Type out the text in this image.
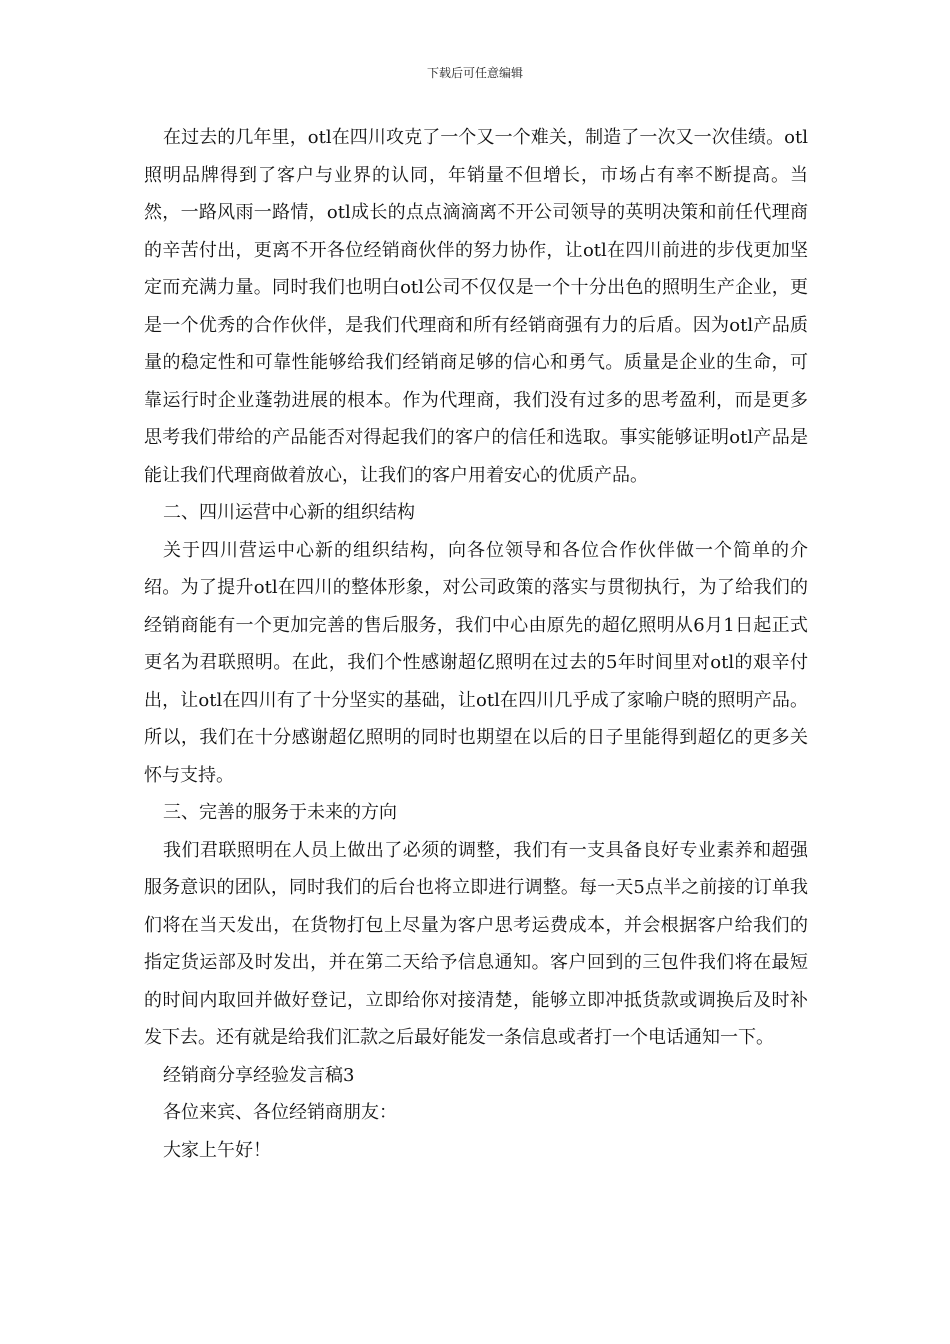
下载后可任意编辑

在过去的几年里，otl在四川攻克了一个又一个难关，制造了一次又一次佳绩。otl照明品牌得到了客户与业界的认同，年销量不但增长，市场占有率不断提高。当然，一路风雨一路情，otl成长的点点滴滴离不开公司领导的英明决策和前任代理商的辛苦付出，更离不开各位经销商伙伴的努力协作，让otl在四川前进的步伐更加坚定而充满力量。同时我们也明白otl公司不仅仅是一个十分出色的照明生产企业，更是一个优秀的合作伙伴，是我们代理商和所有经销商强有力的后盾。因为otl产品质量的稳定性和可靠性能够给我们经销商足够的信心和勇气。质量是企业的生命，可靠运行时企业蓬勃进展的根本。作为代理商，我们没有过多的思考盈利，而是更多思考我们带给的产品能否对得起我们的客户的信任和选取。事实能够证明otl产品是能让我们代理商做着放心，让我们的客户用着安心的优质产品。

二、四川运营中心新的组织结构

关于四川营运中心新的组织结构，向各位领导和各位合作伙伴做一个简单的介绍。为了提升otl在四川的整体形象，对公司政策的落实与贯彻执行，为了给我们的经销商能有一个更加完善的售后服务，我们中心由原先的超亿照明从6月1日起正式更名为君联照明。在此，我们个性感谢超亿照明在过去的5年时间里对otl的艰辛付出，让otl在四川有了十分坚实的基础，让otl在四川几乎成了家喻户晓的照明产品。所以，我们在十分感谢超亿照明的同时也期望在以后的日子里能得到超亿的更多关怀与支持。

三、完善的服务于未来的方向

我们君联照明在人员上做出了必须的调整，我们有一支具备良好专业素养和超强服务意识的团队，同时我们的后台也将立即进行调整。每一天5点半之前接的订单我们将在当天发出，在货物打包上尽量为客户思考运费成本，并会根据客户给我们的指定货运部及时发出，并在第二天给予信息通知。客户回到的三包件我们将在最短的时间内取回并做好登记，立即给你对接清楚，能够立即冲抵货款或调换后及时补发下去。还有就是给我们汇款之后最好能发一条信息或者打一个电话通知一下。

经销商分享经验发言稿3

各位来宾、各位经销商朋友：

大家上午好！
